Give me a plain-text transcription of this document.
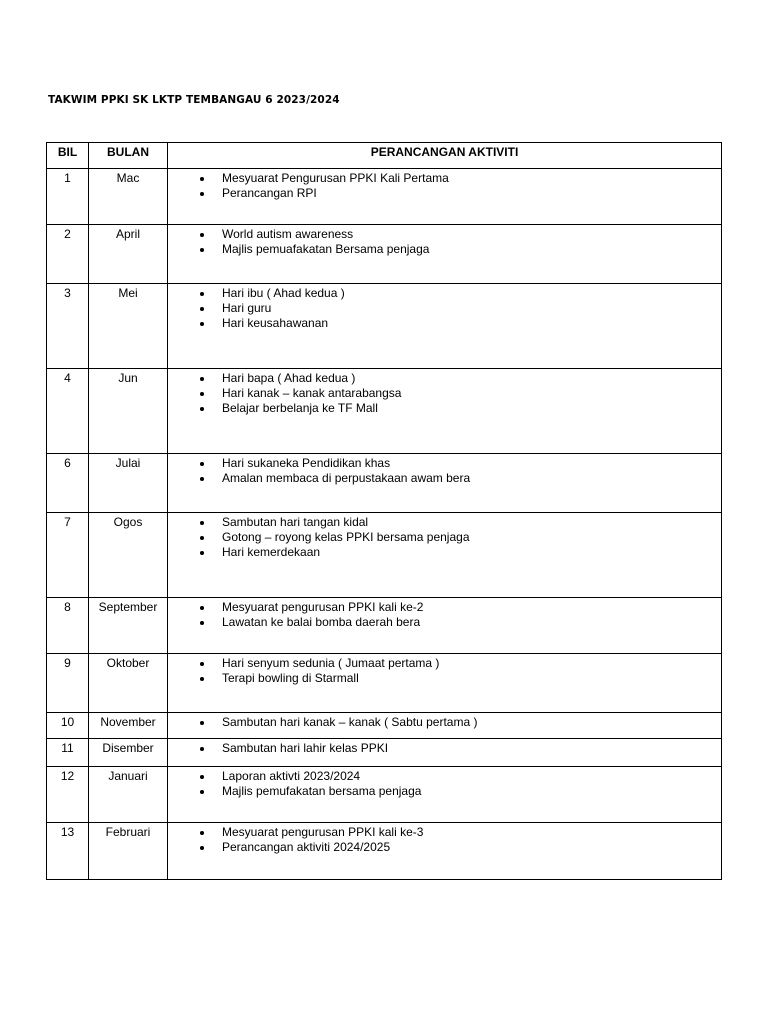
TAKWIM PPKI SK LKTP TEMBANGAU 6 2023/2024
BIL	BULAN	PERANCANGAN AKTIVITI
1	Mac	Mesyuarat Pengurusan PPKI Kali Pertama
Perancangan RPI
2	April	World autism awareness
Majlis pemuafakatan Bersama penjaga
3	Mei	Hari ibu ( Ahad kedua )
Hari guru
Hari keusahawanan
4	Jun	Hari bapa ( Ahad kedua )
Hari kanak – kanak antarabangsa
Belajar berbelanja ke TF Mall
6	Julai	Hari sukaneka Pendidikan khas
Amalan membaca di perpustakaan awam bera
7	Ogos	Sambutan hari tangan kidal
Gotong – royong kelas PPKI bersama penjaga
Hari kemerdekaan
8	September	Mesyuarat pengurusan PPKI kali ke-2
Lawatan ke balai bomba daerah bera
9	Oktober	Hari senyum sedunia ( Jumaat pertama )
Terapi bowling di Starmall
10	November	Sambutan hari kanak – kanak ( Sabtu pertama )
11	Disember	Sambutan hari lahir kelas PPKI
12	Januari	Laporan aktivti 2023/2024
Majlis pemufakatan bersama penjaga
13	Februari	Mesyuarat pengurusan PPKI kali ke-3
Perancangan aktiviti 2024/2025
